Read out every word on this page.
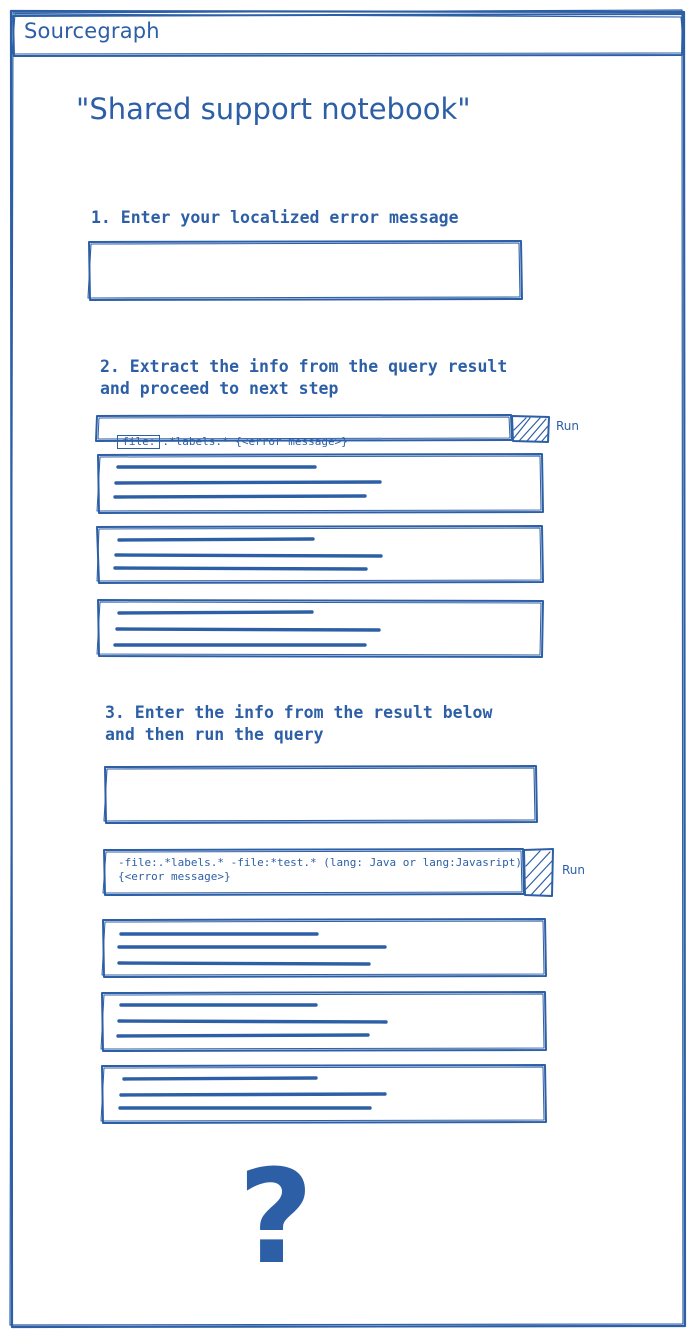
Sourcegraph
"Shared support notebook"
1. Enter your localized error message
2. Extract the info from the query result
and proceed to next step

file: .*labels.* {<error message>}

Run
3. Enter the info from the result below
and then run the query
-file:.*labels.* -file:*test.* (lang: Java or lang:Javasript)
{<error message>}	Run
?
